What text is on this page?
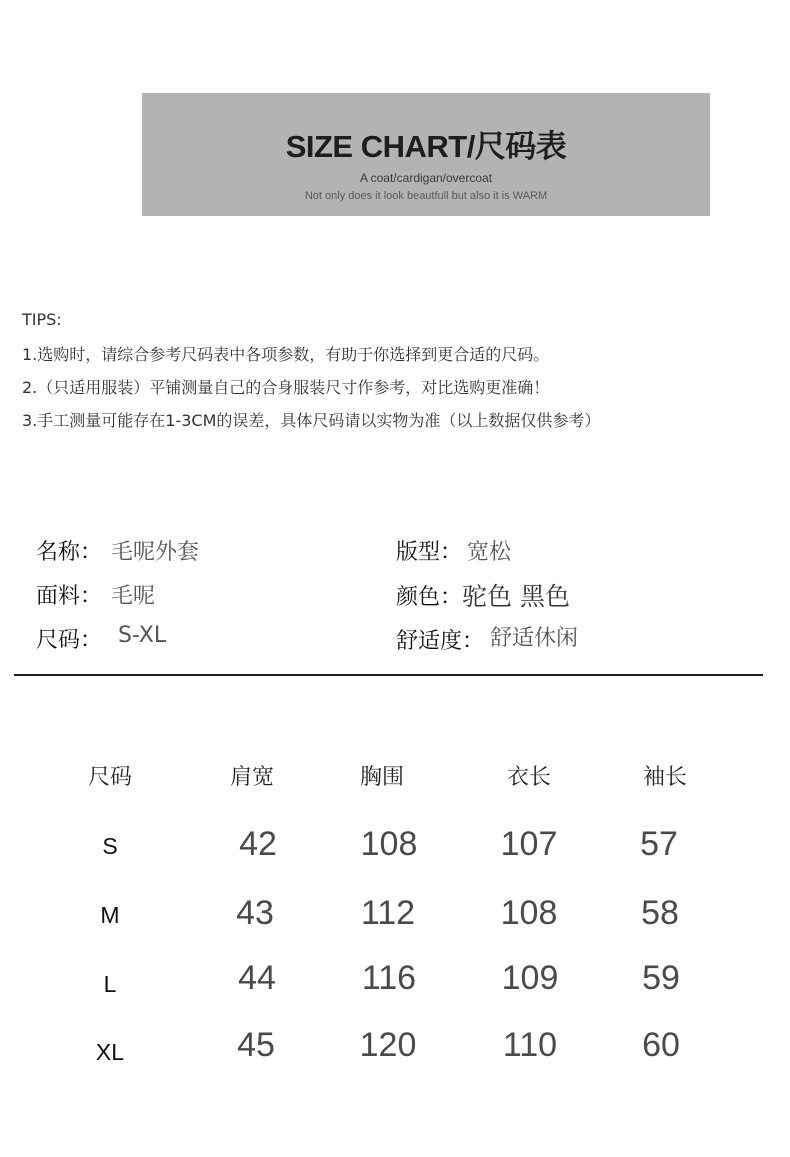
SIZE CHART/尺码表
A coat/cardigan/overcoat
Not only does it look beautfull but also it is WARM
TIPS:
1.选购时，请综合参考尺码表中各项参数，有助于你选择到更合适的尺码。
2.（只适用服装）平铺测量自己的合身服装尺寸作参考，对比选购更准确！
3.手工测量可能存在1-3CM的误差，具体尺码请以实物为准（以上数据仅供参考）
名称： 毛呢外套
面料： 毛呢
尺码： S-XL
版型： 宽松
颜色： 驼色 黑色
舒适度： 舒适休闲
尺码	肩宽	胸围	衣长	袖长
S	42	108	107	57
M	43	112	108	58
L	44	116	109	59
XL	45	120	110	60
